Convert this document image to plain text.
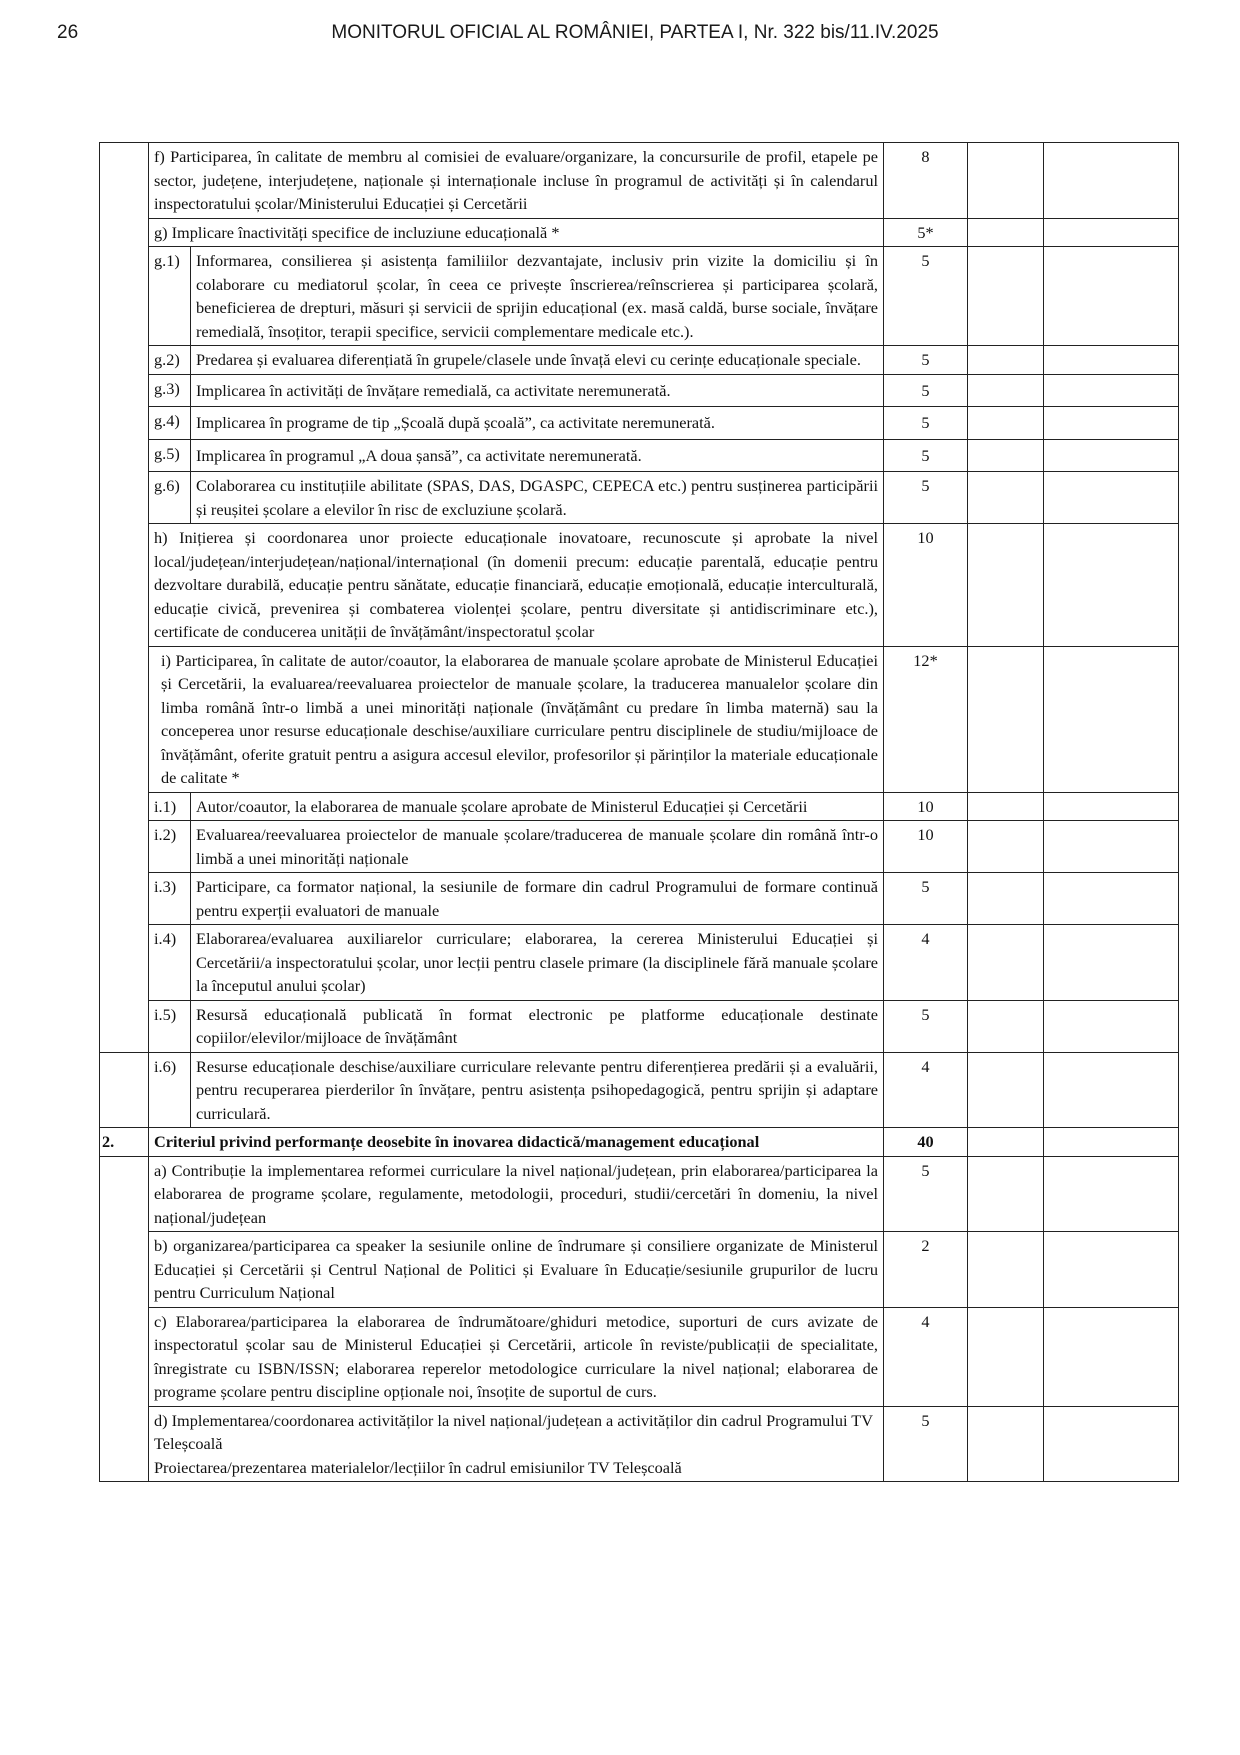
26	MONITORUL OFICIAL AL ROMÂNIEI, PARTEA I, Nr. 322 bis/11.IV.2025
	f) Participarea, în calitate de membru al comisiei de evaluare/organizare, la concursurile de profil, etapele pe sector, județene, interjudețene, naționale și internaționale incluse în programul de activități și în calendarul inspectoratului școlar/Ministerului Educației și Cercetării		8		
	g) Implicare înactivități specifice de incluziune educațională *		5*		
	g.1)	Informarea, consilierea și asistența familiilor dezvantajate, inclusiv prin vizite la domiciliu și în colaborare cu mediatorul școlar, în ceea ce privește înscrierea/reînscrierea și participarea școlară, beneficierea de drepturi, măsuri și servicii de sprijin educațional (ex. masă caldă, burse sociale, învățare remedială, însoțitor, terapii specifice, servicii complementare medicale etc.).	5		
	g.2)	Predarea și evaluarea diferențiată în grupele/clasele unde învață elevi cu cerințe educaționale speciale.	5		
	g.3)	Implicarea în activități de învățare remedială, ca activitate neremunerată.	5		
	g.4)	Implicarea în programe de tip „Școală după școală”, ca activitate neremunerată.	5		
	g.5)	Implicarea în programul „A doua șansă”, ca activitate neremunerată.	5		
	g.6)	Colaborarea cu instituțiile abilitate (SPAS, DAS, DGASPC, CEPECA etc.) pentru susținerea participării și reușitei școlare a elevilor în risc de excluziune școlară.	5		
	h) Inițierea și coordonarea unor proiecte educaționale inovatoare, recunoscute și aprobate la nivel local/județean/interjudețean/național/internațional (în domenii precum: educație parentală, educație pentru dezvoltare durabilă, educație pentru sănătate, educație financiară, educație emoțională, educație interculturală, educație civică, prevenirea și combaterea violenței școlare, pentru diversitate și antidiscriminare etc.), certificate de conducerea unității de învățământ/inspectoratul școlar		10		
	i) Participarea, în calitate de autor/coautor, la elaborarea de manuale școlare aprobate de Ministerul Educației și Cercetării, la evaluarea/reevaluarea proiectelor de manuale școlare, la traducerea manualelor școlare din limba română într-o limbă a unei minorități naționale (învățământ cu predare în limba maternă) sau la conceperea unor resurse educaționale deschise/auxiliare curriculare pentru disciplinele de studiu/mijloace de învățământ, oferite gratuit pentru a asigura accesul elevilor, profesorilor și părinților la materiale educaționale de calitate *		12*		
	i.1)	Autor/coautor, la elaborarea de manuale școlare aprobate de Ministerul Educației și Cercetării	10		
	i.2)	Evaluarea/reevaluarea proiectelor de manuale școlare/traducerea de manuale școlare din română într-o limbă a unei minorități naționale	10		
	i.3)	Participare, ca formator național, la sesiunile de formare din cadrul Programului de formare continuă pentru experții evaluatori de manuale	5		
	i.4)	Elaborarea/evaluarea auxiliarelor curriculare; elaborarea, la cererea Ministerului Educației și Cercetării/a inspectoratului școlar, unor lecții pentru clasele primare (la disciplinele fără manuale școlare la începutul anului școlar)	4		
	i.5)	Resursă educațională publicată în format electronic pe platforme educaționale destinate copiilor/elevilor/mijloace de învățământ	5		
	i.6)	Resurse educaționale deschise/auxiliare curriculare relevante pentru diferențierea predării și a evaluării, pentru recuperarea pierderilor în învățare, pentru asistența psihopedagogică, pentru sprijin și adaptare curriculară.	4		
2.	Criteriul privind performanțe deosebite în inovarea didactică/management educațional		40		
	a) Contribuție la implementarea reformei curriculare la nivel național/județean, prin elaborarea/participarea la elaborarea de programe școlare, regulamente, metodologii, proceduri, studii/cercetări în domeniu, la nivel național/județean		5		
	b) organizarea/participarea ca speaker la sesiunile online de îndrumare și consiliere organizate de Ministerul Educației și Cercetării și Centrul Național de Politici și Evaluare în Educație/sesiunile grupurilor de lucru pentru Curriculum Național		2		
	c) Elaborarea/participarea la elaborarea de îndrumătoare/ghiduri metodice, suporturi de curs avizate de inspectoratul școlar sau de Ministerul Educației și Cercetării, articole în reviste/publicații de specialitate, înregistrate cu ISBN/ISSN; elaborarea reperelor metodologice curriculare la nivel național; elaborarea de programe școlare pentru discipline opționale noi, însoțite de suportul de curs.		4		

	d) Implementarea/coordonarea activităților la nivel național/județean a activităților din cadrul Programului TV Teleșcoală
Proiectarea/prezentarea materialelor/lecțiilor în cadrul emisiunilor TV Teleșcoală		5		
